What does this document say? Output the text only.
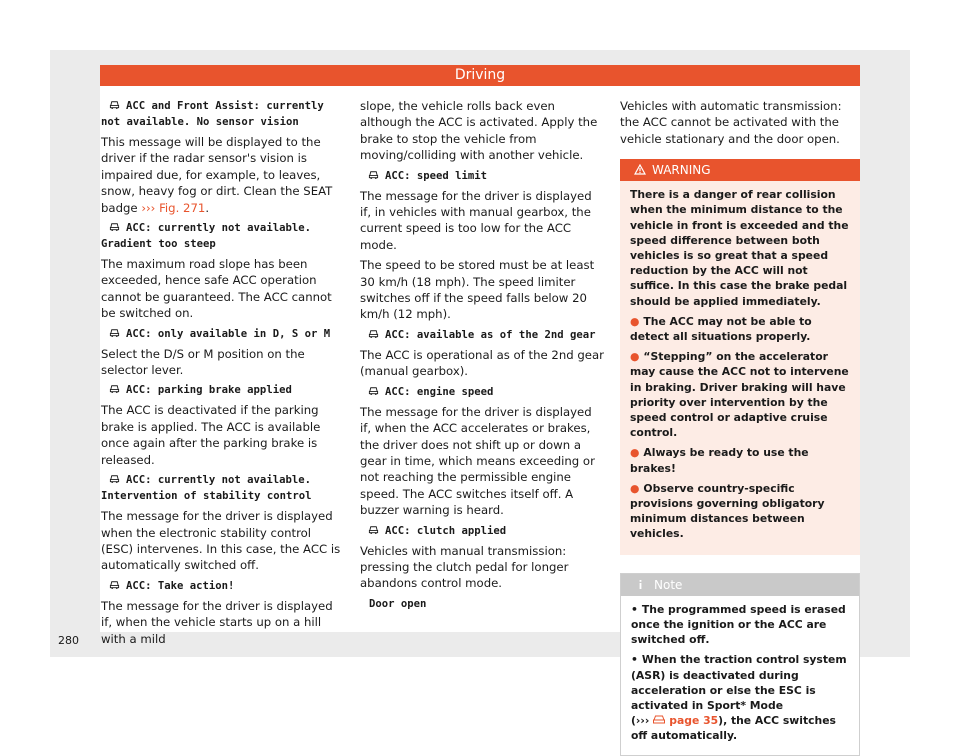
Driving
ACC and Front Assist: currently not available. No sensor vision

This message will be displayed to the driver if the radar sensor's vision is impaired due, for example, to leaves, snow, heavy fog or dirt. Clean the SEAT badge ››› Fig. 271.

ACC: currently not available. Gradient too steep

The maximum road slope has been exceeded, hence safe ACC operation cannot be guaranteed. The ACC cannot be switched on.

ACC: only available in D, S or M

Select the D/S or M position on the selector lever.

ACC: parking brake applied

The ACC is deactivated if the parking brake is applied. The ACC is available once again after the parking brake is released.

ACC: currently not available. Intervention of stability control

The message for the driver is displayed when the electronic stability control (ESC) intervenes. In this case, the ACC is automatically switched off.

ACC: Take action!

The message for the driver is displayed if, when the vehicle starts up on a hill with a mild

slope, the vehicle rolls back even although the ACC is activated. Apply the brake to stop the vehicle from moving/colliding with another vehicle.

ACC: speed limit

The message for the driver is displayed if, in vehicles with manual gearbox, the current speed is too low for the ACC mode.

The speed to be stored must be at least 30 km/h (18 mph). The speed limiter switches off if the speed falls below 20 km/h (12 mph).

ACC: available as of the 2nd gear

The ACC is operational as of the 2nd gear (manual gearbox).

ACC: engine speed

The message for the driver is displayed if, when the ACC accelerates or brakes, the driver does not shift up or down a gear in time, which means exceeding or not reaching the permissible engine speed. The ACC switches itself off. A buzzer warning is heard.

ACC: clutch applied

Vehicles with manual transmission: pressing the clutch pedal for longer abandons control mode.

Door open

Vehicles with automatic transmission: the ACC cannot be activated with the vehicle stationary and the door open.

WARNING

There is a danger of rear collision when the minimum distance to the vehicle in front is exceeded and the speed difference between both vehicles is so great that a speed reduction by the ACC will not suffice. In this case the brake pedal should be applied immediately.

● The ACC may not be able to detect all situations properly.

● “Stepping” on the accelerator may cause the ACC not to intervene in braking. Driver braking will have priority over intervention by the speed control or adaptive cruise control.

● Always be ready to use the brakes!

● Observe country-specific provisions governing obligatory minimum distances between vehicles.

Note

• The programmed speed is erased once the ignition or the ACC are switched off.

• When the traction control system (ASR) is deactivated during acceleration or else the ESC is activated in Sport* Mode
(››› page 35), the ACC switches off automatically.

280
